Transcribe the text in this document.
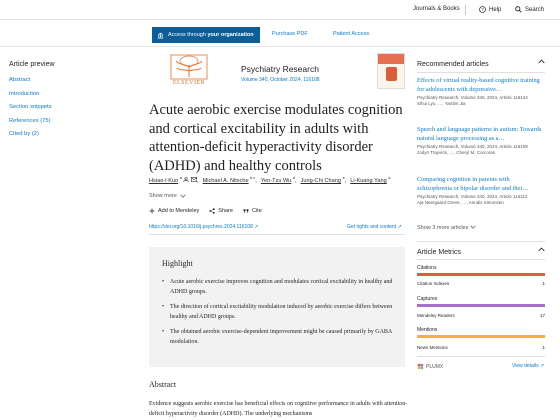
Journals & Books	? Help	Search
Access through your organization	Purchase PDF	Patient Access
Article preview
Abstract
Introduction
Section snippets
References (75)
Cited by (2)
ELSEVIER
Psychiatry Research
Volume 340, October 2024, 116108
Acute aerobic exercise modulates cognition and cortical excitability in adults with attention-deficit hyperactivity disorder (ADHD) and healthy controls
Hsiao-I Kuo $^a$	, Michael A. Nitsche $^{b c}$, Yen-Tzu Wu $^d$, Jung-Chi Chang $^e$, Li-Kuang Yang $^a$
Show more
Add to Mendeley	Share	Cite
https://doi.org/10.1016/j.psychres.2024.116108 ↗	Get rights and content ↗
Highlight
• Acute aerobic exercise improves cognition and modulates cortical excitability in healthy and ADHD groups.
• The direction of cortical excitability modulation induced by aerobic exercise differs between healthy and ADHD groups.
• The obtained aerobic exercise-dependent improvement might be caused primarily by GABA modulation.
Abstract

Evidence suggests aerobic exercise has beneficial effects on cognitive performance in adults with attention-deficit hyperactivity disorder (ADHD). The underlying mechanisms

Recommended articles
Effects of virtual reality-based cognitive training for adolescents with depressive…
Psychiatry Research, Volume 340, 2024, Article 116144
Sihui Lyu, …, Yanbin Jia
Speech and language patterns in autism: Towards natural language processing as a…
Psychiatry Research, Volume 340, 2024, Article 116109
Jodyn Trayvick, …, Cheryl M. Corcoran
Comparing cognition in parents with schizophrenia or bipolar disorder and thei…
Psychiatry Research, Volume 340, 2024, Article 116112
Aja Neergaard Greve, …, Anndis Simonsen
Show 3 more articles
Article Metrics
Citations
Citation Indexes	1
Captures
Mendeley Readers	17
Mentions
News Mentions	1
PLUMX	View details ↗
